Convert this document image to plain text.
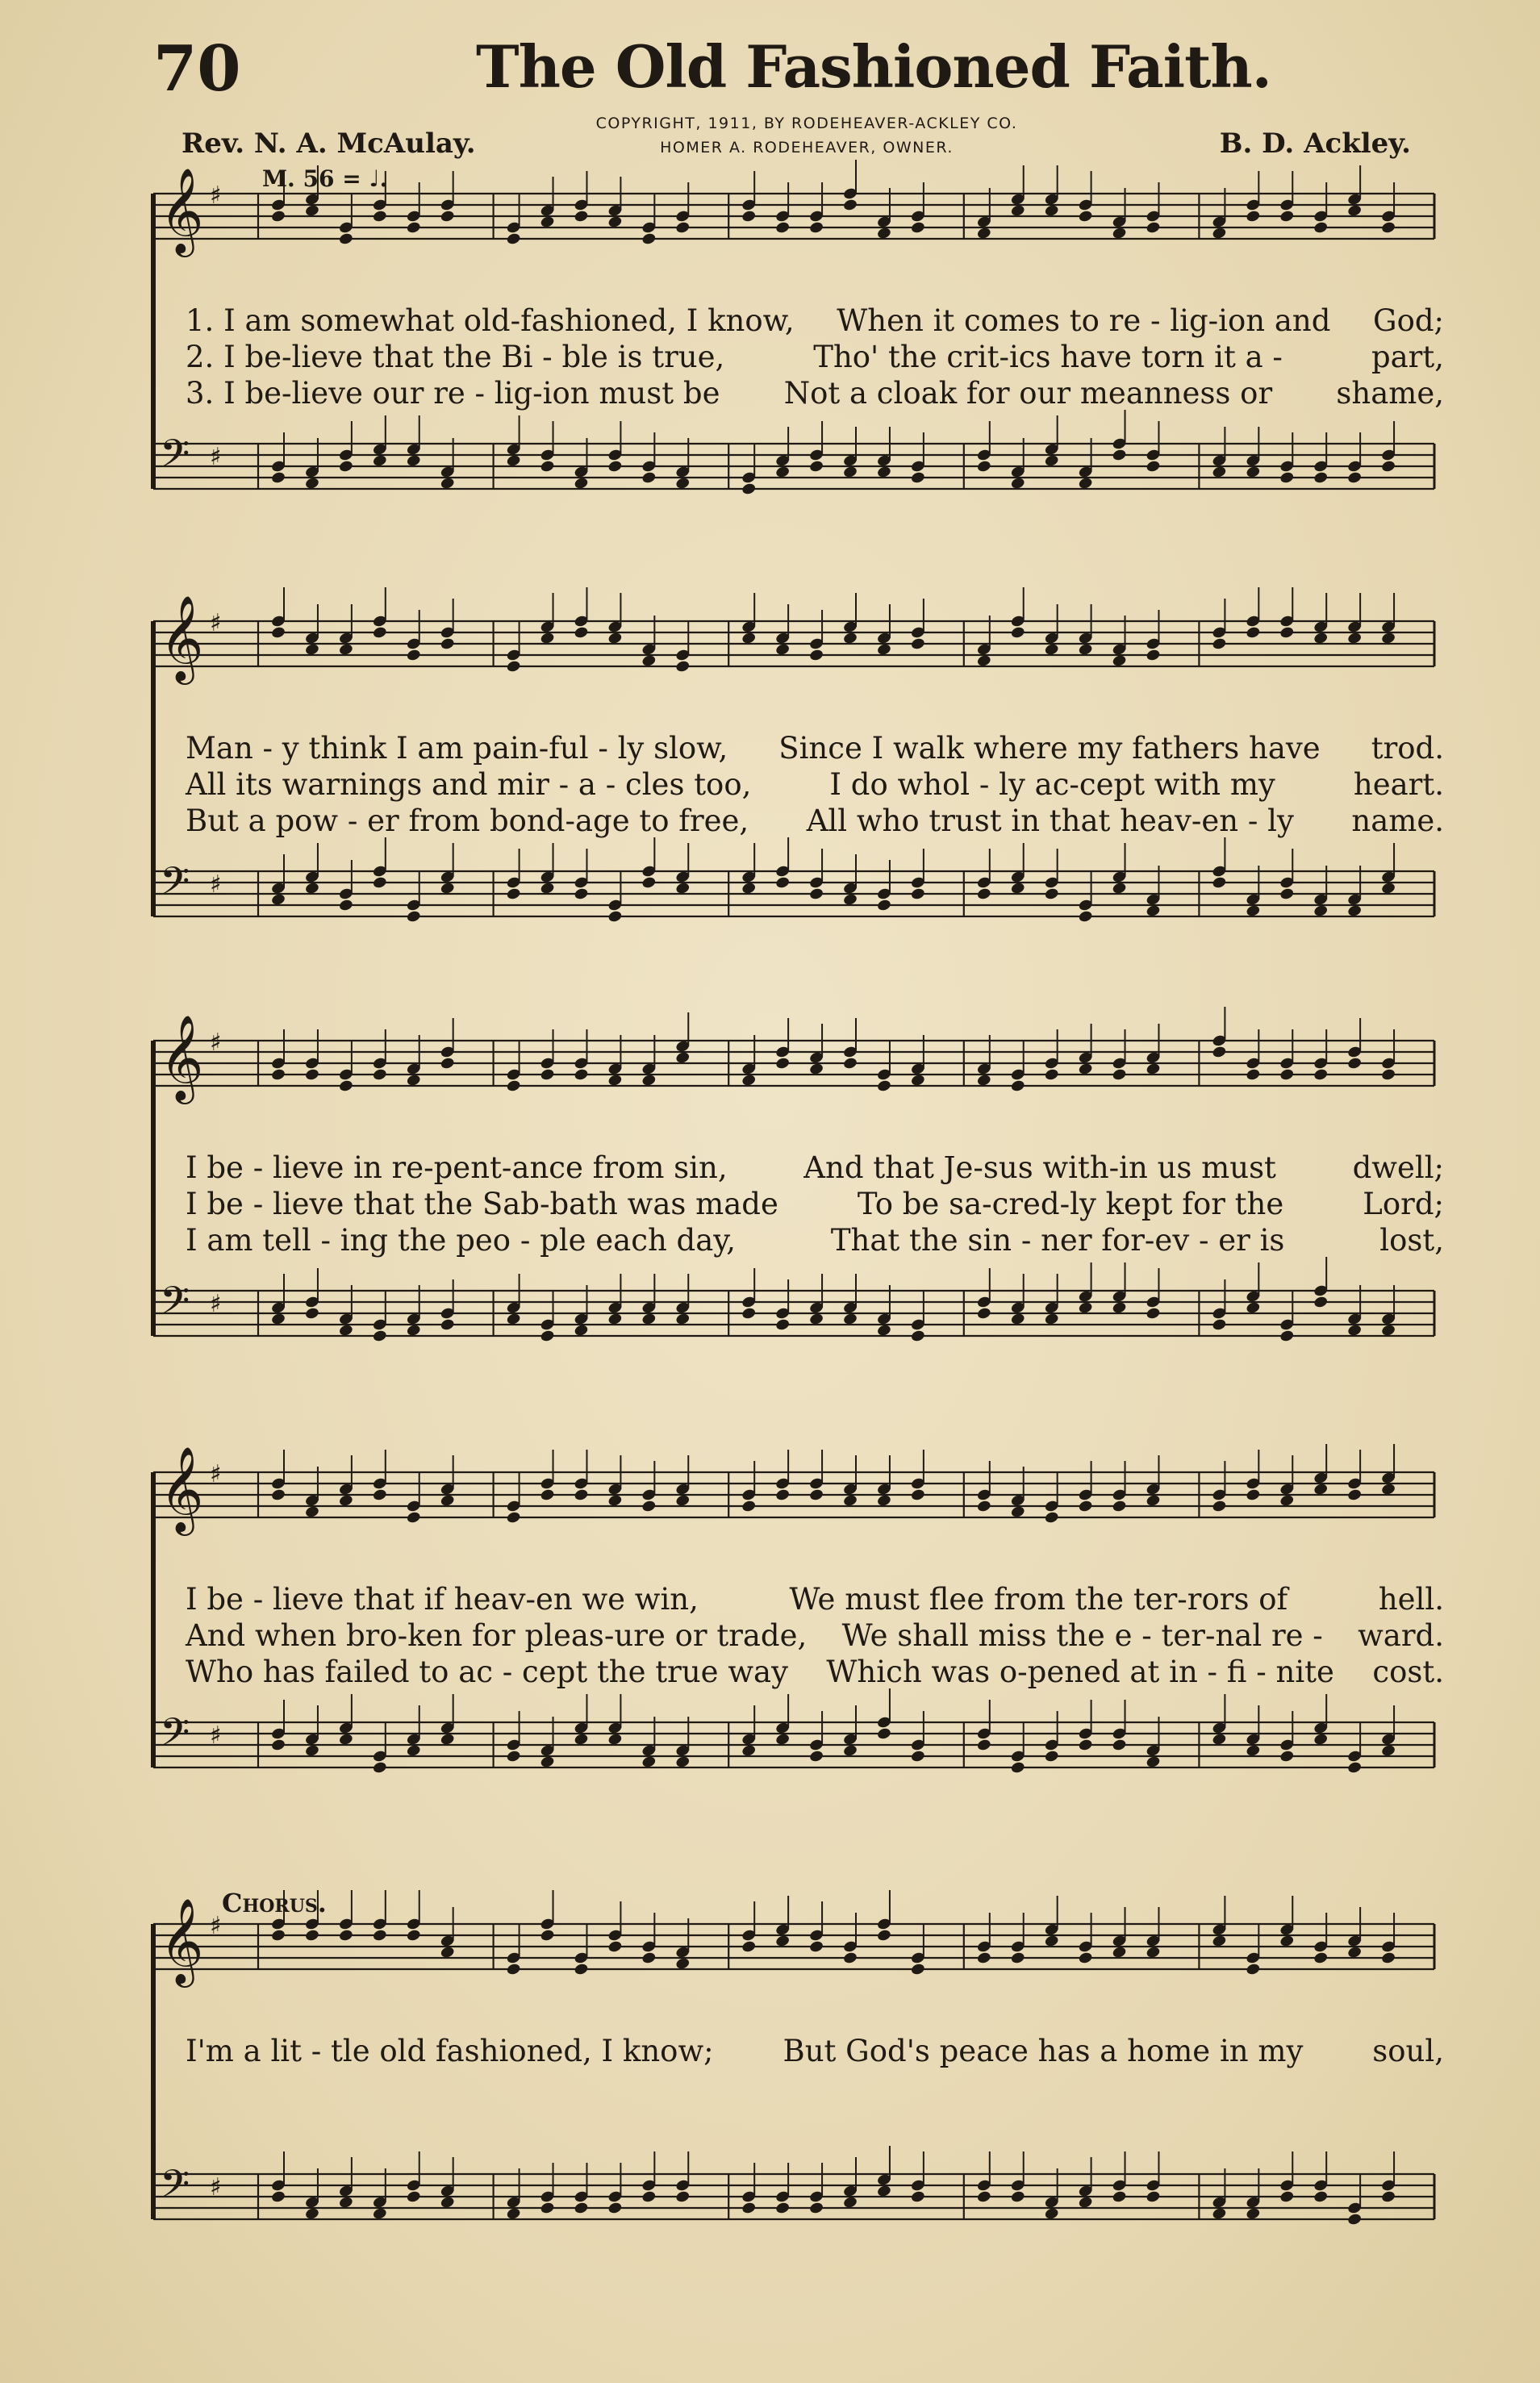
70	The Old Fashioned Faith.
Rev. N. A. McAulay.
COPYRIGHT, 1911, BY RODEHEAVER-ACKLEY CO.
HOMER A. RODEHEAVER, OWNER.	B. D. Ackley.
M. 56 = ♩.
Chorus.
𝄞 ♯
𝄢 ♯
𝄞 ♯
𝄢 ♯
𝄞 ♯
𝄢 ♯
𝄞 ♯
𝄢 ♯
𝄞 ♯
𝄢 ♯
1. I am somewhat old-fashioned, I know, When it comes to re - lig-ion and God;
2. I be-lieve that the Bi - ble is true,	Tho' the crit-ics have torn it a -	part,
3. I be-lieve our re - lig-ion must be Not a cloak for our meanness or shame,
Man - y think I am pain-ful - ly slow, Since I walk where my fathers have trod.
All its warnings and mir - a - cles too,	I do whol - ly ac-cept with my	heart.
But a pow - er from bond-age to free, All who trust in that heav-en - ly name.
I be - lieve in re-pent-ance from sin,	And that Je-sus with-in us must	dwell;
I be - lieve that the Sab-bath was made	To be sa-cred-ly kept for the	Lord;
I am tell - ing the peo - ple each day,	That the sin - ner for-ev - er is	lost,
I be - lieve that if heav-en we win,	We must flee from the ter-rors of	hell.
And when bro-ken for pleas-ure or trade, We shall miss the e - ter-nal re - ward.
Who has failed to ac - cept the true way Which was o-pened at in - fi - nite cost.
I'm a lit - tle old fashioned, I know; But God's peace has a home in my soul,
